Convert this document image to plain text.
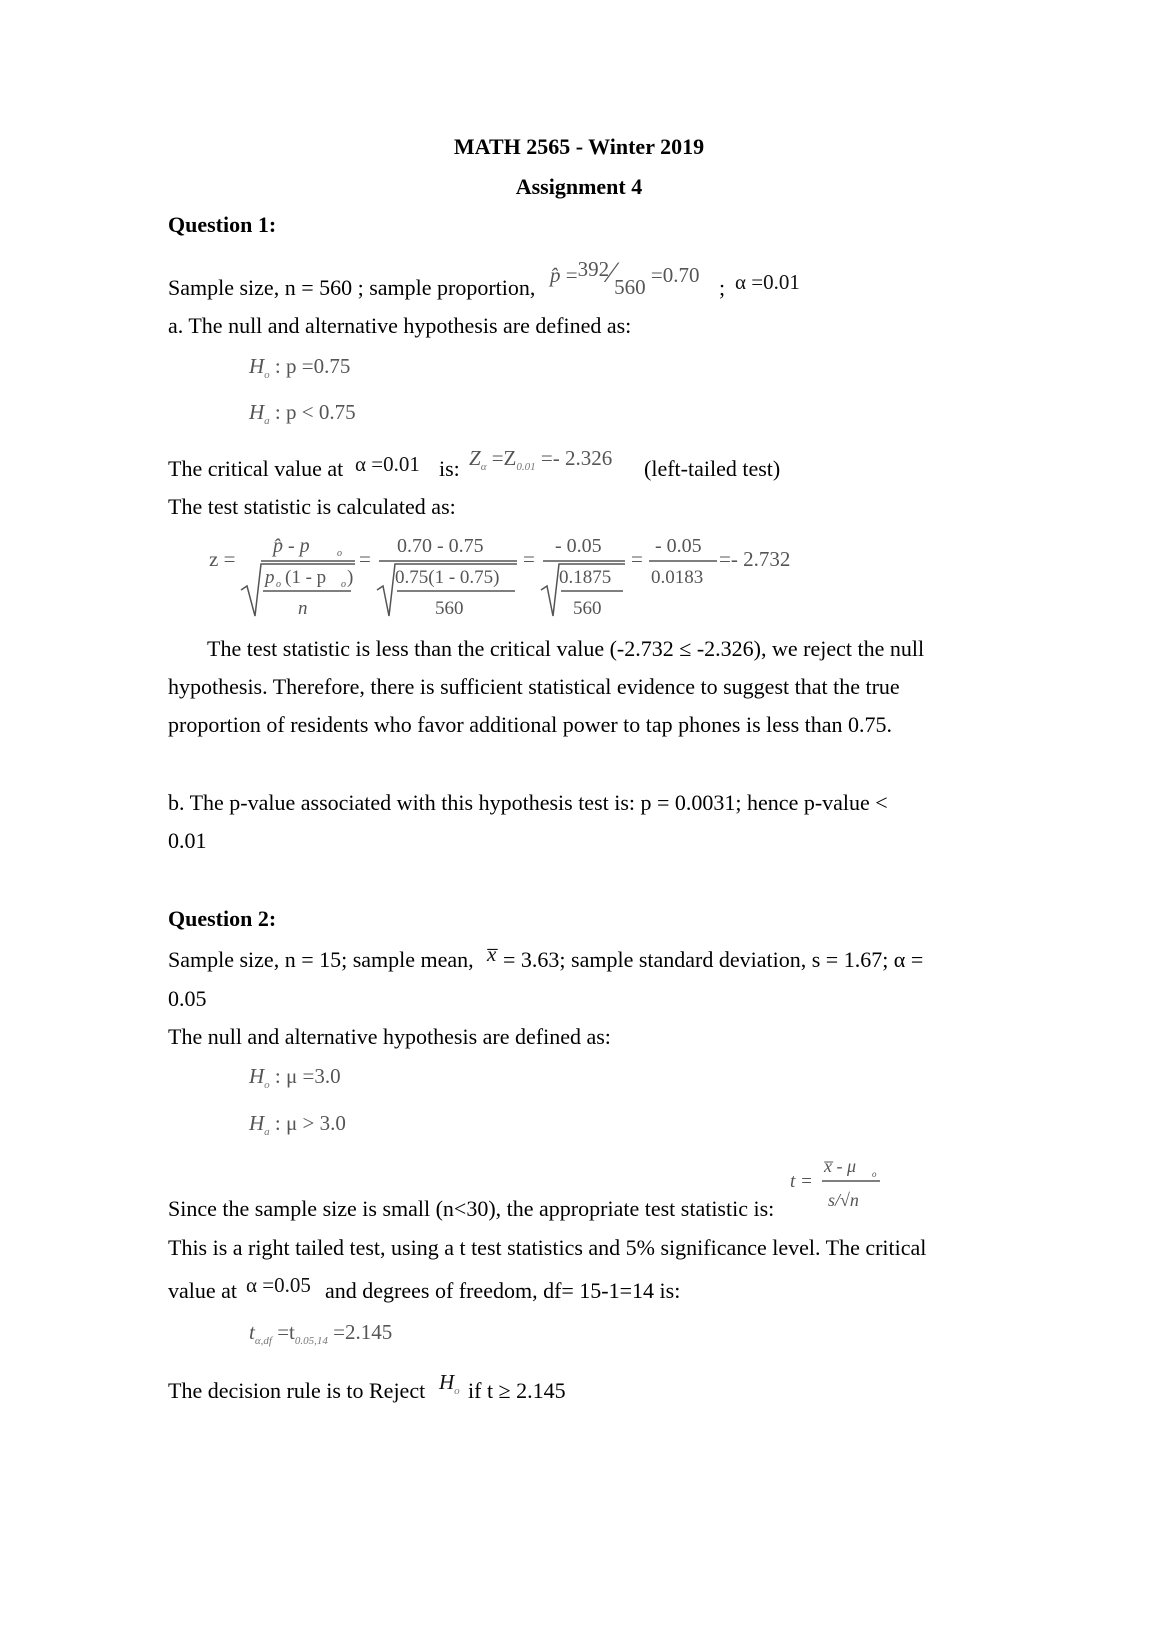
MATH 2565 - Winter 2019
Assignment 4
Question 1:
Sample size, n = 560 ; sample proportion, p̂ =392⁄560 =0.70 ; α =0.01
a. The null and alternative hypothesis are defined as:
$H_o$ : p =0.75
$H_a$ : p < 0.75
The critical value at α =0.01 is: $Z_\alpha =Z_{0.01} =- 2.326$ (left-tailed test)
The test statistic is calculated as:
z =
p̂ - p	o
p o (1 - p o )
n
=
0.70 - 0.75
0.75(1 - 0.75)
560
=
- 0.05
0.1875
560
=
- 0.05
0.0183
=- 2.732
The test statistic is less than the critical value (-2.732 ≤ -2.326), we reject the null
hypothesis. Therefore, there is sufficient statistical evidence to suggest that the true
proportion of residents who favor additional power to tap phones is less than 0.75.
b. The p-value associated with this hypothesis test is: p = 0.0031; hence p-value <
0.01
Question 2:
Sample size, n = 15; sample mean, x̅ = 3.63; sample standard deviation, s = 1.67; α =
0.05
The null and alternative hypothesis are defined as:
$H_o$ : μ =3.0
$H_a$ : μ > 3.0
t =
x̅ - μ o
s/√n
Since the sample size is small (n<30), the appropriate test statistic is:
This is a right tailed test, using a t test statistics and 5% significance level. The critical
value at α =0.05 and degrees of freedom, df= 15-1=14 is:
$t_{\alpha,df} =t_{0.05,14} =2.145$
The decision rule is to Reject $H_o$ if t ≥ 2.145
